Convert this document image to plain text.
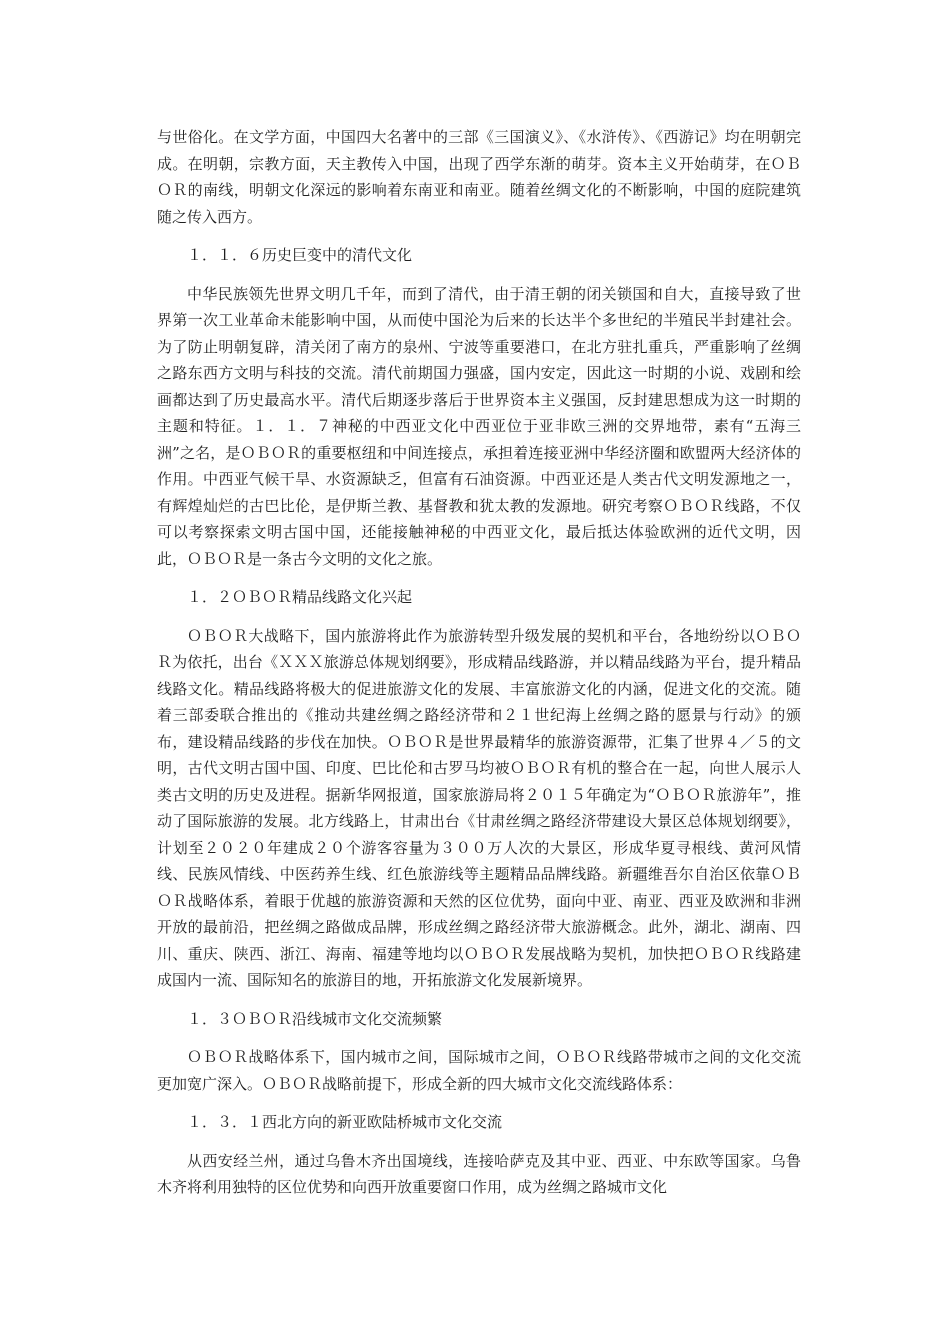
与世俗化。在文学方面，中国四大名著中的三部《三国演义》、《水浒传》、《西游记》均在明朝完成。在明朝，宗教方面，天主教传入中国，出现了西学东渐的萌芽。资本主义开始萌芽，在ＯＢＯＲ的南线，明朝文化深远的影响着东南亚和南亚。随着丝绸文化的不断影响，中国的庭院建筑随之传入西方。

１．１．６历史巨变中的清代文化

中华民族领先世界文明几千年，而到了清代，由于清王朝的闭关锁国和自大，直接导致了世界第一次工业革命未能影响中国，从而使中国沦为后来的长达半个多世纪的半殖民半封建社会。为了防止明朝复辟，清关闭了南方的泉州、宁波等重要港口，在北方驻扎重兵，严重影响了丝绸之路东西方文明与科技的交流。清代前期国力强盛，国内安定，因此这一时期的小说、戏剧和绘画都达到了历史最高水平。清代后期逐步落后于世界资本主义强国，反封建思想成为这一时期的主题和特征。１．１．７神秘的中西亚文化中西亚位于亚非欧三洲的交界地带，素有“五海三洲”之名，是ＯＢＯＲ的重要枢纽和中间连接点，承担着连接亚洲中华经济圈和欧盟两大经济体的作用。中西亚气候干旱、水资源缺乏，但富有石油资源。中西亚还是人类古代文明发源地之一，有辉煌灿烂的古巴比伦，是伊斯兰教、基督教和犹太教的发源地。研究考察ＯＢＯＲ线路，不仅可以考察探索文明古国中国，还能接触神秘的中西亚文化，最后抵达体验欧洲的近代文明，因此，ＯＢＯＲ是一条古今文明的文化之旅。

１．２ＯＢＯＲ精品线路文化兴起

ＯＢＯＲ大战略下，国内旅游将此作为旅游转型升级发展的契机和平台，各地纷纷以ＯＢＯＲ为依托，出台《ＸＸＸ旅游总体规划纲要》，形成精品线路游，并以精品线路为平台，提升精品线路文化。精品线路将极大的促进旅游文化的发展、丰富旅游文化的内涵，促进文化的交流。随着三部委联合推出的《推动共建丝绸之路经济带和２１世纪海上丝绸之路的愿景与行动》的颁布，建设精品线路的步伐在加快。ＯＢＯＲ是世界最精华的旅游资源带，汇集了世界４／５的文明，古代文明古国中国、印度、巴比伦和古罗马均被ＯＢＯＲ有机的整合在一起，向世人展示人类古文明的历史及进程。据新华网报道，国家旅游局将２０１５年确定为“ＯＢＯＲ旅游年”，推动了国际旅游的发展。北方线路上，甘肃出台《甘肃丝绸之路经济带建设大景区总体规划纲要》，计划至２０２０年建成２０个游客容量为３００万人次的大景区，形成华夏寻根线、黄河风情线、民族风情线、中医药养生线、红色旅游线等主题精品品牌线路。新疆维吾尔自治区依靠ＯＢＯＲ战略体系，着眼于优越的旅游资源和天然的区位优势，面向中亚、南亚、西亚及欧洲和非洲开放的最前沿，把丝绸之路做成品牌，形成丝绸之路经济带大旅游概念。此外，湖北、湖南、四川、重庆、陕西、浙江、海南、福建等地均以ＯＢＯＲ发展战略为契机，加快把ＯＢＯＲ线路建成国内一流、国际知名的旅游目的地，开拓旅游文化发展新境界。

１．３ＯＢＯＲ沿线城市文化交流频繁

ＯＢＯＲ战略体系下，国内城市之间，国际城市之间，ＯＢＯＲ线路带城市之间的文化交流更加宽广深入。ＯＢＯＲ战略前提下，形成全新的四大城市文化交流线路体系：

１．３．１西北方向的新亚欧陆桥城市文化交流

从西安经兰州，通过乌鲁木齐出国境线，连接哈萨克及其中亚、西亚、中东欧等国家。乌鲁木齐将利用独特的区位优势和向西开放重要窗口作用，成为丝绸之路城市文化
